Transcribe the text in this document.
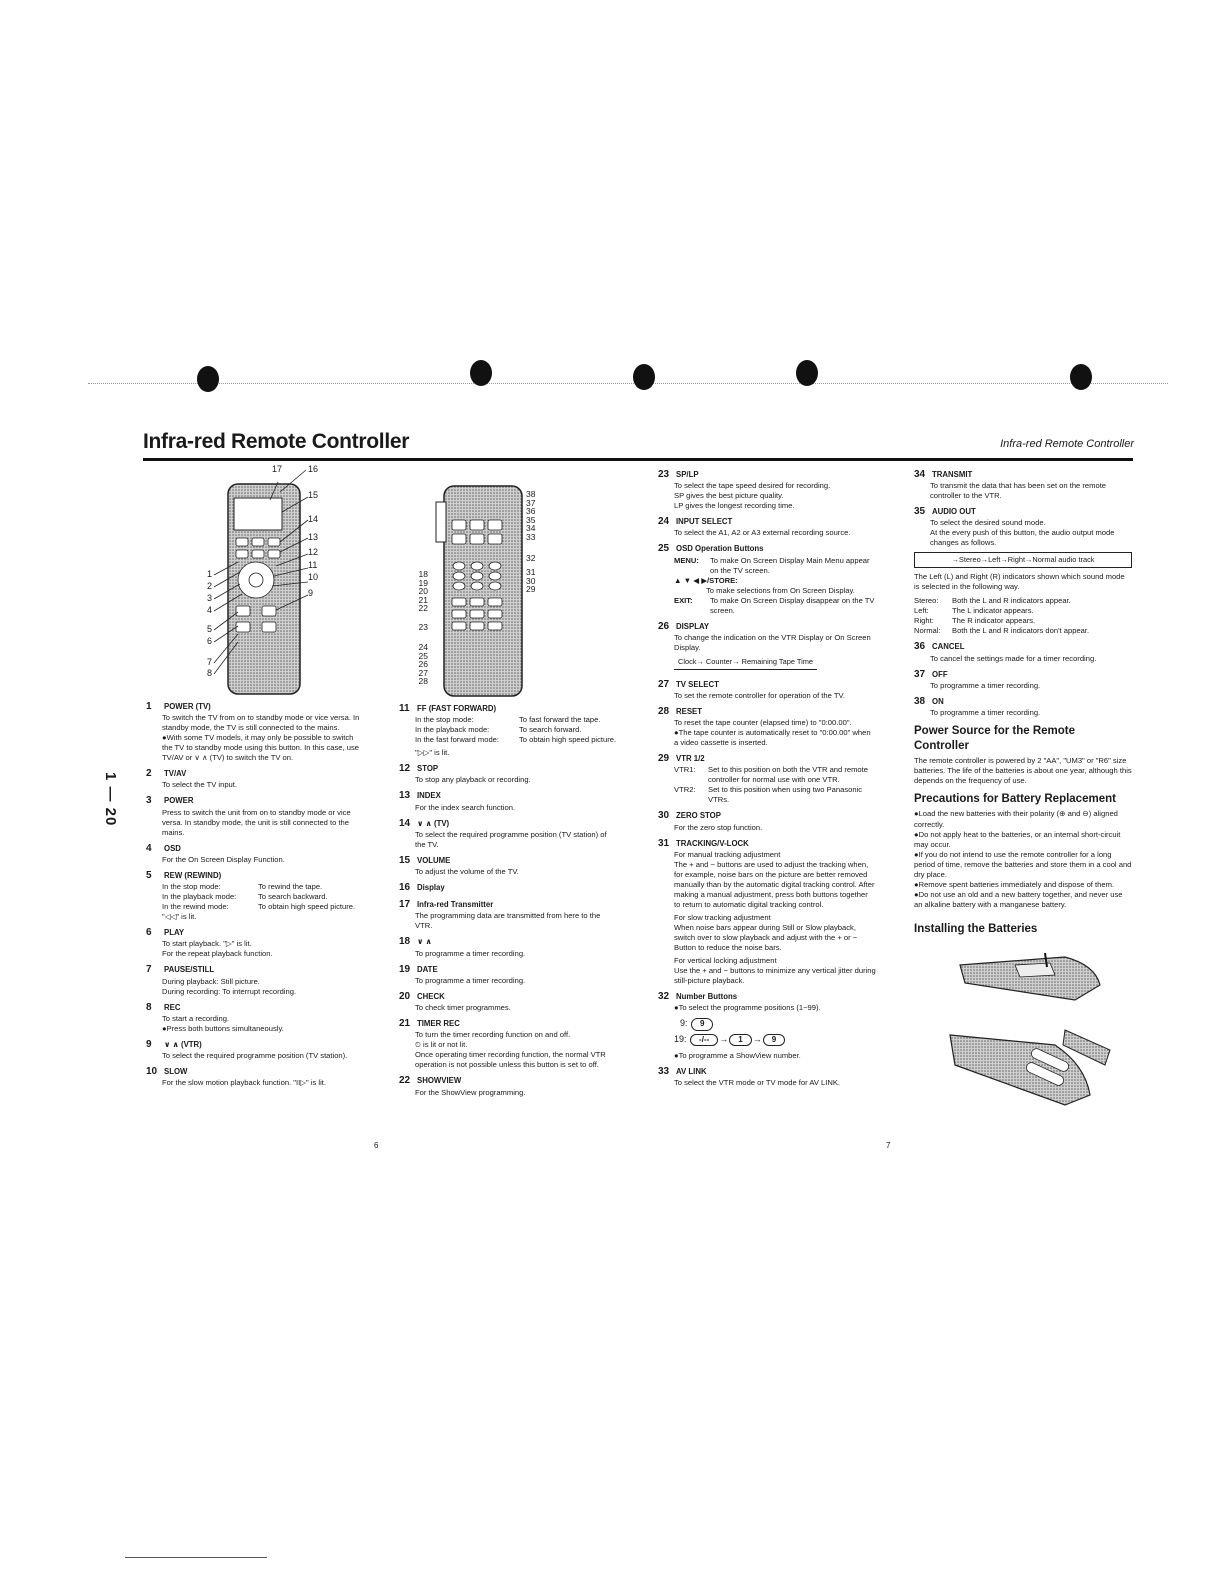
Infra-red Remote Controller	Infra-red Remote Controller
1 — 20
1
2
3
4
5
6
7
8
17	16
15
14
13
12
11
10
9
18
19
20
21
22
23
24
25
26
27
28
38
37
36
35
34
33
32
31
30
29
1	POWER (TV)
To switch the TV from on to standby mode or vice versa. In standby mode, the TV is still connected to the mains.
●With some TV models, it may only be possible to switch the TV to standby mode using this button. In this case, use TV/AV or ∨ ∧ (TV) to switch the TV on.
2	TV/AV
To select the TV input.
3	POWER
Press to switch the unit from on to standby mode or vice versa. In standby mode, the unit is still connected to the mains.
4	OSD
For the On Screen Display Function.
5	REW (REWIND)
In the stop mode:	To rewind the tape.
In the playback mode:	To search backward.
In the rewind mode:	To obtain high speed picture.
"◁◁" is lit.
6	PLAY
To start playback. "▷" is lit.
For the repeat playback function.
7	PAUSE/STILL
During playback: Still picture.
During recording: To interrupt recording.
8	REC
To start a recording.
●Press both buttons simultaneously.
9	∨ ∧ (VTR)
To select the required programme position (TV station).
10 SLOW
For the slow motion playback function. "II▷" is lit.
11 FF (FAST FORWARD)
In the stop mode:	To fast forward the tape.
In the playback mode:	To search forward.
In the fast forward mode:	To obtain high speed picture.
"▷▷" is lit.
12 STOP
To stop any playback or recording.
13 INDEX
For the index search function.
14 ∨ ∧ (TV)
To select the required programme position (TV station) of the TV.
15 VOLUME
To adjust the volume of the TV.
16 Display
17 Infra-red Transmitter
The programming data are transmitted from here to the VTR.
18 ∨ ∧
To programme a timer recording.
19 DATE
To programme a timer recording.
20 CHECK
To check timer programmes.
21 TIMER REC
To turn the timer recording function on and off.
⏲ is lit or not lit.
Once operating timer recording function, the normal VTR operation is not possible unless this button is set to off.
22 SHOWVIEW
For the ShowView programming.
23 SP/LP
To select the tape speed desired for recording.
SP gives the best picture quality.
LP gives the longest recording time.
24 INPUT SELECT
To select the A1, A2 or A3 external recording source.
25 OSD Operation Buttons
MENU:	To make On Screen Display Main Menu appear on the TV screen.
▲ ▼ ◀ ▶/STORE:
To make selections from On Screen Display.
EXIT:	To make On Screen Display disappear on the TV screen.
26 DISPLAY
To change the indication on the VTR Display or On Screen Display.
Clock→ Counter→ Remaining Tape Time
27 TV SELECT
To set the remote controller for operation of the TV.
28 RESET
To reset the tape counter (elapsed time) to "0:00.00".
●The tape counter is automatically reset to "0:00.00" when a video cassette is inserted.
29 VTR 1/2
VTR1:	Set to this position on both the VTR and remote controller for normal use with one VTR.
VTR2:	Set to this position when using two Panasonic VTRs.
30 ZERO STOP
For the zero stop function.
31 TRACKING/V-LOCK
For manual tracking adjustment
The + and − buttons are used to adjust the tracking when, for example, noise bars on the picture are better removed manually than by the automatic digital tracking control. After making a manual adjustment, press both buttons together to return to automatic digital tracking control.
For slow tracking adjustment
When noise bars appear during Still or Slow playback, switch over to slow playback and adjust with the + or − Button to reduce the noise bars.
For vertical locking adjustment
Use the + and − buttons to minimize any vertical jitter during still-picture playback.
32 Number Buttons
●To select the programme positions (1~99).
9: 9
19: -/-- → 1 → 9
●To programme a ShowView number.
33 AV LINK
To select the VTR mode or TV mode for AV LINK.
34 TRANSMIT
To transmit the data that has been set on the remote controller to the VTR.
35 AUDIO OUT
To select the desired sound mode.
At the every push of this button, the audio output mode changes as follows.
→Stereo→Left→Right→Normal audio track
The Left (L) and Right (R) indicators shown which sound mode is selected in the following way.
Stereo:	Both the L and R indicators appear.
Left:	The L indicator appears.
Right:	The R indicator appears.
Normal:	Both the L and R indicators don't appear.
36 CANCEL
To cancel the settings made for a timer recording.
37 OFF
To programme a timer recording.
38 ON
To programme a timer recording.
Power Source for the Remote Controller
The remote controller is powered by 2 "AA", "UM3" or "R6" size batteries. The life of the batteries is about one year, although this depends on the frequency of use.
Precautions for Battery Replacement
●Load the new batteries with their polarity (⊕ and ⊖) aligned correctly.
●Do not apply heat to the batteries, or an internal short-circuit may occur.
●If you do not intend to use the remote controller for a long period of time, remove the batteries and store them in a cool and dry place.
●Remove spent batteries immediately and dispose of them.
●Do not use an old and a new battery together, and never use an alkaline battery with a manganese battery.
Installing the Batteries
6	7
